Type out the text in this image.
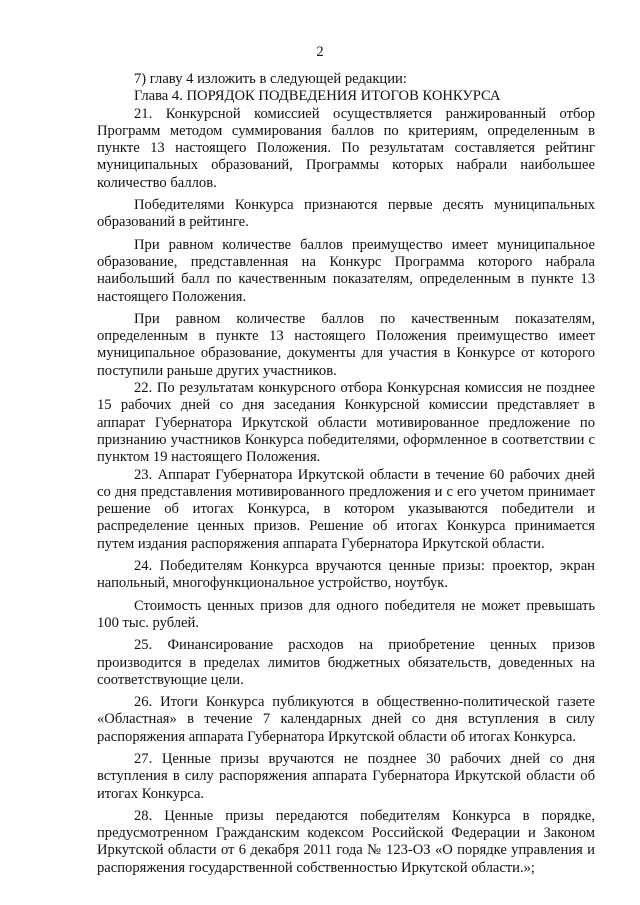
2

7) главу 4 изложить в следующей редакции:

Глава 4. ПОРЯДОК ПОДВЕДЕНИЯ ИТОГОВ КОНКУРСА

21. Конкурсной комиссией осуществляется ранжированный отбор Программ методом суммирования баллов по критериям, определенным в пункте 13 настоящего Положения. По результатам составляется рейтинг муниципальных образований, Программы которых набрали наибольшее количество баллов.

Победителями Конкурса признаются первые десять муниципальных образований в рейтинге.

При равном количестве баллов преимущество имеет муниципальное образование, представленная на Конкурс Программа которого набрала наибольший балл по качественным показателям, определенным в пункте 13 настоящего Положения.

При равном количестве баллов по качественным показателям, определенным в пункте 13 настоящего Положения преимущество имеет муниципальное образование, документы для участия в Конкурсе от которого поступили раньше других участников.

22. По результатам конкурсного отбора Конкурсная комиссия не позднее 15 рабочих дней со дня заседания Конкурсной комиссии представляет в аппарат Губернатора Иркутской области мотивированное предложение по признанию участников Конкурса победителями, оформленное в соответствии с пунктом 19 настоящего Положения.

23. Аппарат Губернатора Иркутской области в течение 60 рабочих дней со дня представления мотивированного предложения и с его учетом принимает решение об итогах Конкурса, в котором указываются победители и распределение ценных призов. Решение об итогах Конкурса принимается путем издания распоряжения аппарата Губернатора Иркутской области.

24. Победителям Конкурса вручаются ценные призы: проектор, экран напольный, многофункциональное устройство, ноутбук.

Стоимость ценных призов для одного победителя не может превышать 100 тыс. рублей.

25. Финансирование расходов на приобретение ценных призов производится в пределах лимитов бюджетных обязательств, доведенных на соответствующие цели.

26. Итоги Конкурса публикуются в общественно-политической газете «Областная» в течение 7 календарных дней со дня вступления в силу распоряжения аппарата Губернатора Иркутской области об итогах Конкурса.

27. Ценные призы вручаются не позднее 30 рабочих дней со дня вступления в силу распоряжения аппарата Губернатора Иркутской области об итогах Конкурса.

28. Ценные призы передаются победителям Конкурса в порядке, предусмотренном Гражданским кодексом Российской Федерации и Законом Иркутской области от 6 декабря 2011 года № 123-ОЗ «О порядке управления и распоряжения государственной собственностью Иркутской области.»;
